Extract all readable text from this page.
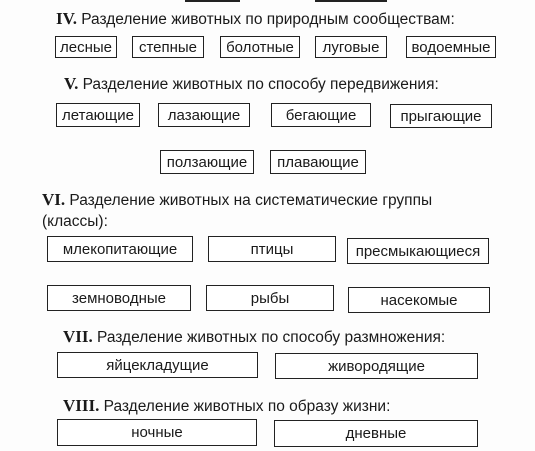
IV. Разделение животных по природным сообществам:
лесные	степные	болотные	луговые	водоемные
V. Разделение животных по способу передвижения:
летающие	лазающие	бегающие	прыгающие
ползающие	плавающие
VI. Разделение животных на систематические группы (классы):
млекопитающие	птицы	пресмыкающиеся
земноводные	рыбы	насекомые
VII. Разделение животных по способу размножения:
яйцекладущие	живородящие
VIII. Разделение животных по образу жизни:
ночные	дневные
